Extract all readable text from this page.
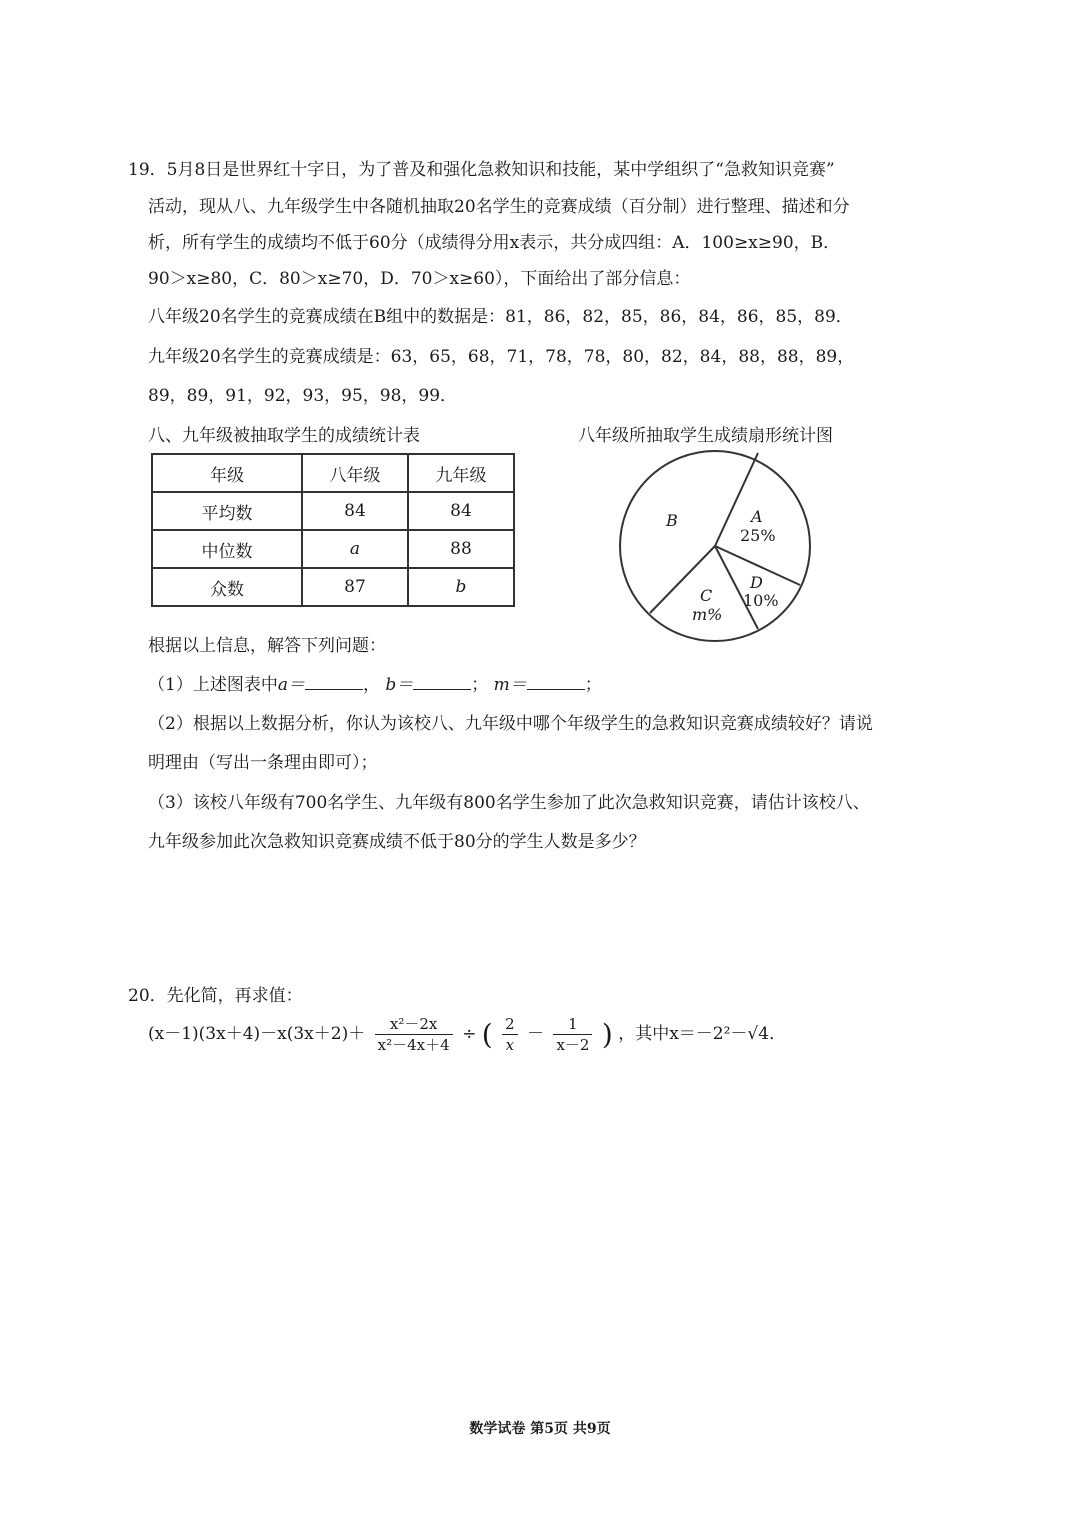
19．5月8日是世界红十字日，为了普及和强化急救知识和技能，某中学组织了“急救知识竞赛”
活动，现从八、九年级学生中各随机抽取20名学生的竞赛成绩（百分制）进行整理、描述和分
析，所有学生的成绩均不低于60分（成绩得分用x表示，共分成四组：A．100≥x≥90，B．
90＞x≥80，C．80＞x≥70，D．70＞x≥60），下面给出了部分信息：
八年级20名学生的竞赛成绩在B组中的数据是：81，86，82，85，86，84，86，85，89．
九年级20名学生的竞赛成绩是：63，65，68，71，78，78，80，82，84，88，88，89，
89，89，91，92，93，95，98，99．
八、九年级被抽取学生的成绩统计表	八年级所抽取学生成绩扇形统计图
年级	八年级	九年级
平均数	84	84
中位数	a	88
众数	87	b
B	A
25%
D
10%
C
m%
根据以上信息，解答下列问题：
（1）上述图表中a＝	， b＝	； m＝	；
（2）根据以上数据分析，你认为该校八、九年级中哪个年级学生的急救知识竞赛成绩较好？请说
明理由（写出一条理由即可）；
（3）该校八年级有700名学生、九年级有800名学生参加了此次急救知识竞赛，请估计该校八、
九年级参加此次急救知识竞赛成绩不低于80分的学生人数是多少？
20．先化简，再求值：
$(x-1)(3x+4)-x(3x+2)+ \frac{\text{x²－2x}}{\text{x²－4x＋4}}$ ÷ ( $\frac{2}{x} - \frac{1}{x-2}$ ) ，其中x＝－2²－√4．
数学试卷 第5页 共9页
